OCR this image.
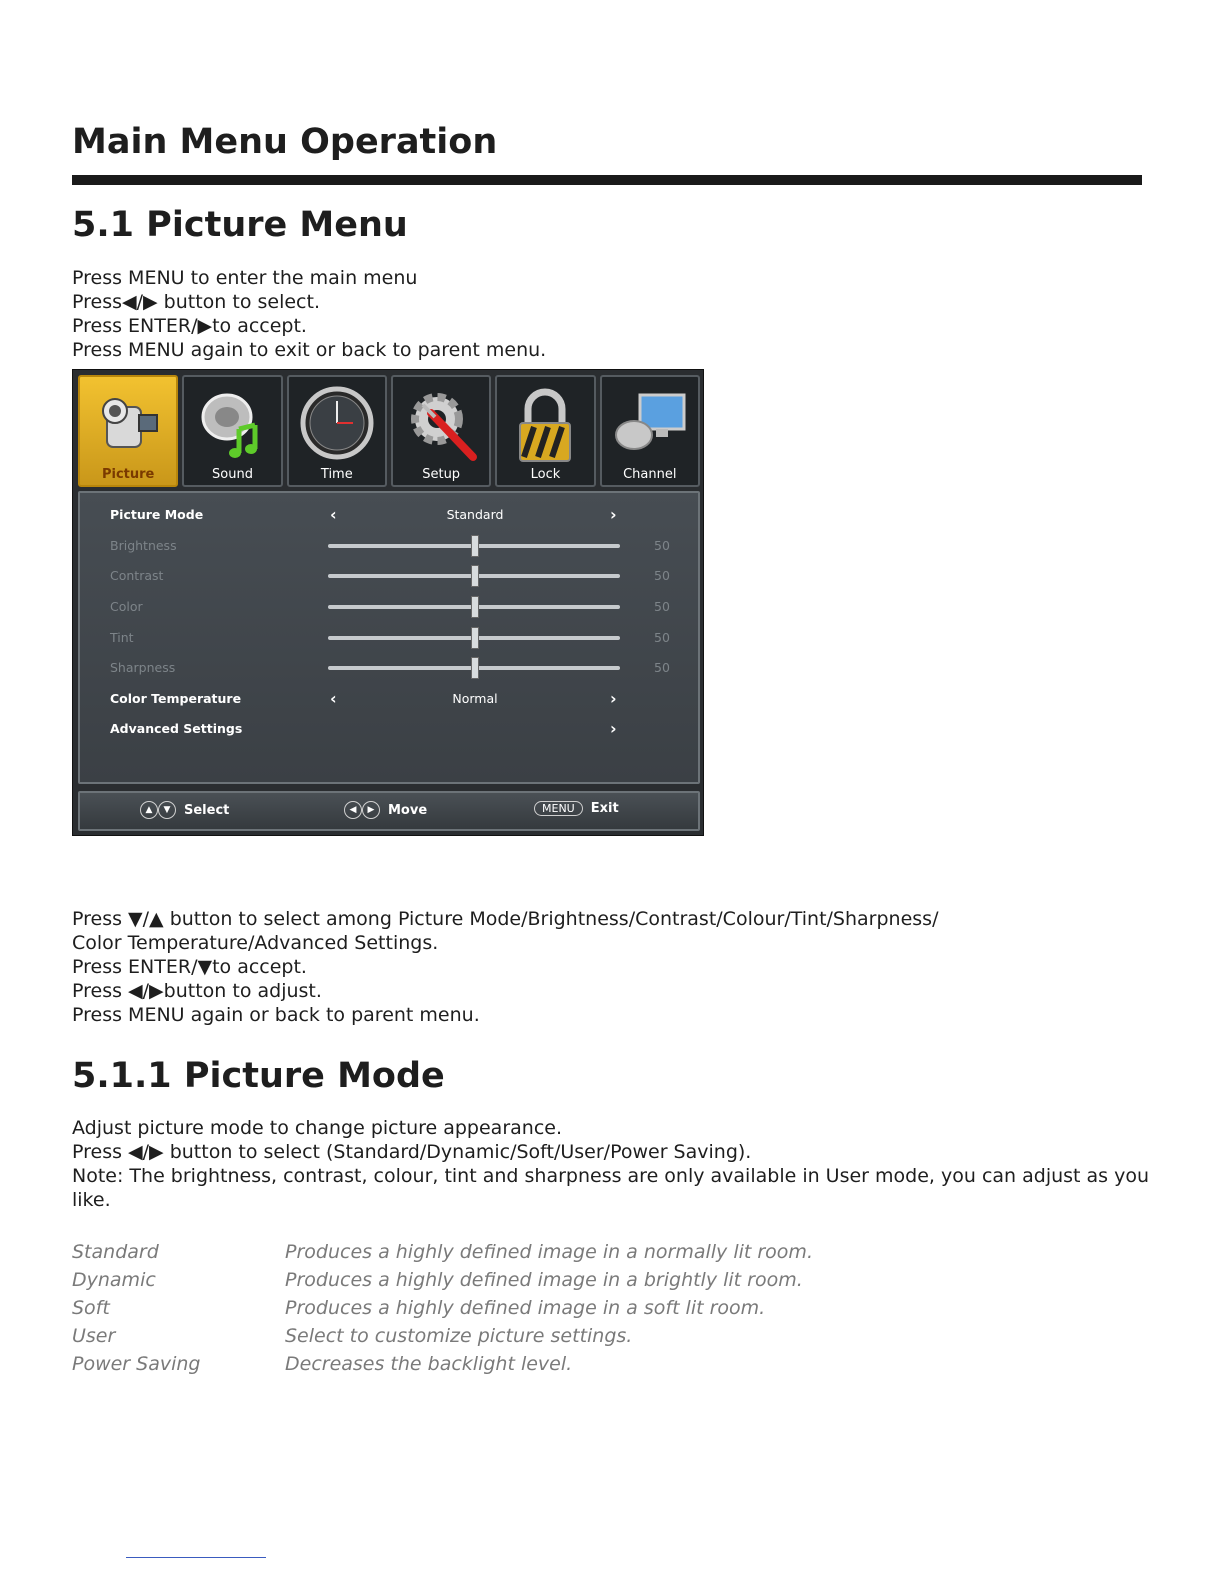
Main Menu Operation
5.1 Picture Menu
Press MENU to enter the main menu
Press◀/▶ button to select.
Press ENTER/▶to accept.
Press MENU again to exit or back to parent menu.
Picture	Sound	Time	Setup	Lock	Channel
Picture Mode	‹	Standard	›
Brightness	50
Contrast	50
Color	50
Tint	50
Sharpness	50
Color Temperature	‹	Normal	›
Advanced Settings	›
▲ ▼	Select	◀ ▶	Move	MENU	Exit
Press ▼/▲ button to select among Picture Mode/Brightness/Contrast/Colour/Tint/Sharpness/
Color Temperature/Advanced Settings.
Press ENTER/▼to accept.
Press ◀/▶button to adjust.
Press MENU again or back to parent menu.
5.1.1 Picture Mode
Adjust picture mode to change picture appearance.
Press ◀/▶ button to select (Standard/Dynamic/Soft/User/Power Saving).
Note: The brightness, contrast, colour, tint and sharpness are only available in User mode, you can adjust as you like.
Standard	Produces a highly defined image in a normally lit room.
Dynamic	Produces a highly defined image in a brightly lit room.
Soft	Produces a highly defined image in a soft lit room.
User	Select to customize picture settings.
Power Saving	Decreases the backlight level.
